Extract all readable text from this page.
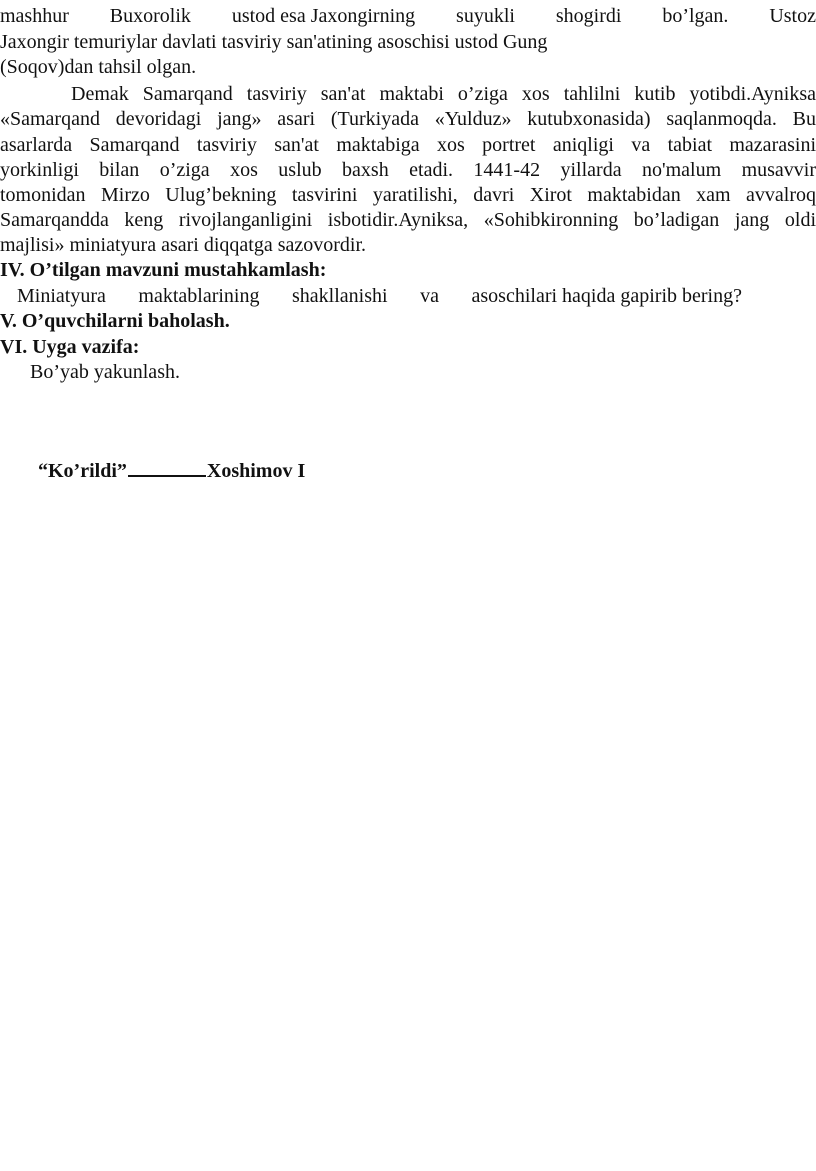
mashhur Buxorolik ustod esa Jaxongirning suyukli shogirdi bo’lgan. Ustoz

Jaxongir temuriylar davlati tasviriy san'atining asoschisi ustod Gung

(Soqov)dan tahsil olgan.

Demak Samarqand tasviriy san'at maktabi o’ziga xos tahlilni kutib yotibdi.Ayniksa

«Samarqand devoridagi jang» asari (Turkiyada «Yulduz» kutubxonasida) saqlanmoqda. Bu

asarlarda Samarqand tasviriy san'at maktabiga xos portret aniqligi va tabiat mazarasini

yorkinligi bilan o’ziga xos uslub baxsh etadi. 1441-42 yillarda no'malum musavvir

tomonidan Mirzo Ulug’bekning tasvirini yaratilishi, davri Xirot maktabidan xam avvalroq

Samarqandda keng rivojlanganligini isbotidir.Ayniksa, «Sohibkironning bo’ladigan jang oldi

majlisi» miniatyura asari diqqatga sazovordir.

IV. O’tilgan mavzuni mustahkamlash:

Miniatyura maktablarining shakllanishi va asoschilari haqida gapirib bering?

V. O’quvchilarni baholash.

VI. Uyga vazifa:

Bo’yab yakunlash.

“Ko’rildi”	Xoshimov I
